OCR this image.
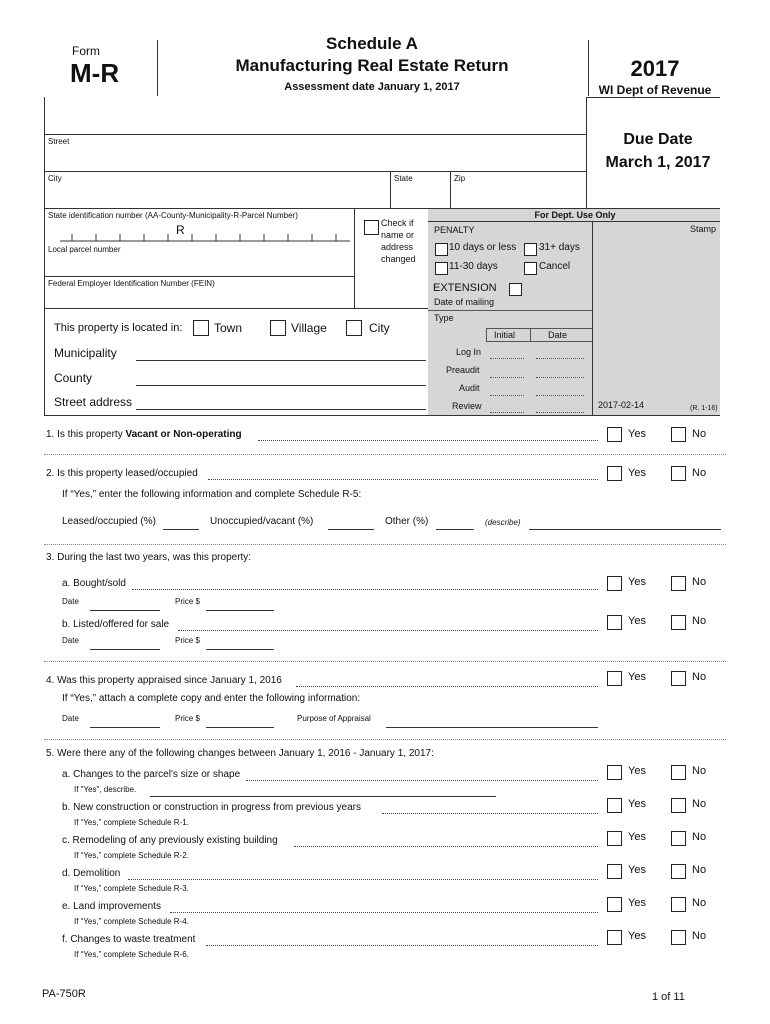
Form
M-R
Schedule A
Manufacturing Real Estate Return
Assessment date January 1, 2017
2017
WI Dept of Revenue
Street
City	State	Zip
Due Date
March 1, 2017
State identification number (AA-County-Municipality-R-Parcel Number)
R
Local parcel number
Federal Employer Identification Number (FEIN)
Check if name or address changed
For Dept. Use Only
Stamp
PENALTY
10 days or less 31+ days
11-30 days	Cancel
EXTENSION
Date of mailing
Type
Initial	Date
Log In
Preaudit
Audit
Review	2017-02-14	(R. 1-16)
This property is located in:	Town	Village	City
Municipality
County
Street address
1. Is this property Vacant or Non-operating	Yes	No
2. Is this property leased/occupied	Yes	No
If “Yes,” enter the following information and complete Schedule R-5:
Leased/occupied (%)	Unoccupied/vacant (%)	Other (%)	(describe)
3. During the last two years, was this property:
a. Bought/sold	Yes	No
Date	Price $
b. Listed/offered for sale	Yes	No
Date	Price $
4. Was this property appraised since January 1, 2016	Yes	No
If “Yes,” attach a complete copy and enter the following information:
Date	Price $	Purpose of Appraisal
5. Were there any of the following changes between January 1, 2016 - January 1, 2017:
a. Changes to the parcel's size or shape	Yes	No
If "Yes", describe.
b. New construction or construction in progress from previous years	Yes	No
If “Yes,” complete Schedule R-1.
c. Remodeling of any previously existing building	Yes	No
If “Yes,” complete Schedule R-2.
d. Demolition	Yes	No
If “Yes,” complete Schedule R-3.
e. Land improvements	Yes	No
If “Yes,” complete Schedule R-4.
f. Changes to waste treatment	Yes	No
If “Yes,” complete Schedule R-6.
PA-750R	1 of 11
